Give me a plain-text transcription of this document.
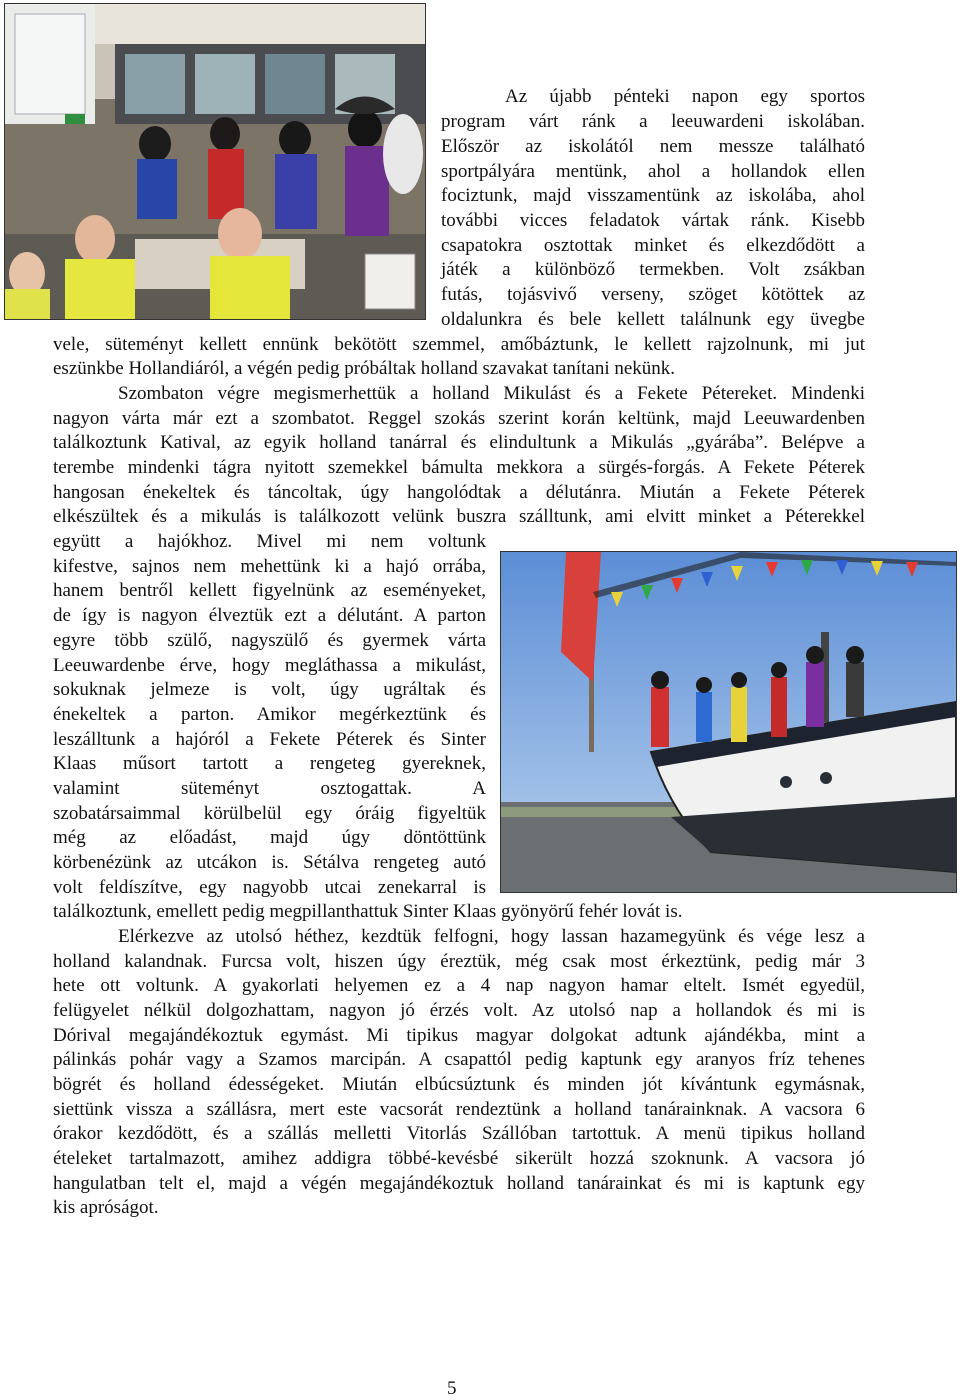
Az újabb pénteki napon egy sportos
program várt ránk a leeuwardeni iskolában.
Először az iskolától nem messze található
sportpályára mentünk, ahol a hollandok ellen
fociztunk, majd visszamentünk az iskolába, ahol
további vicces feladatok vártak ránk. Kisebb
csapatokra osztottak minket és elkezdődött a
játék a különböző termekben. Volt zsákban
futás, tojásvivő verseny, szöget kötöttek az
oldalunkra és bele kellett találnunk egy üvegbe
vele, süteményt kellett ennünk bekötött szemmel, amőbáztunk, le kellett rajzolnunk, mi jut
eszünkbe Hollandiáról, a végén pedig próbáltak holland szavakat tanítani nekünk.
Szombaton végre megismerhettük a holland Mikulást és a Fekete Pétereket. Mindenki
nagyon várta már ezt a szombatot. Reggel szokás szerint korán keltünk, majd Leeuwardenben
találkoztunk Katival, az egyik holland tanárral és elindultunk a Mikulás „gyárába”. Belépve a
terembe mindenki tágra nyitott szemekkel bámulta mekkora a sürgés-forgás. A Fekete Péterek
hangosan énekeltek és táncoltak, úgy hangolódtak a délutánra. Miután a Fekete Péterek
elkészültek és a mikulás is találkozott velünk buszra szálltunk, ami elvitt minket a Péterekkel
együtt a hajókhoz. Mivel mi nem voltunk
kifestve, sajnos nem mehettünk ki a hajó orrába,
hanem bentről kellett figyelnünk az eseményeket,
de így is nagyon élveztük ezt a délutánt. A parton
egyre több szülő, nagyszülő és gyermek várta
Leeuwardenbe érve, hogy megláthassa a mikulást,
sokuknak jelmeze is volt, úgy ugráltak és
énekeltek a parton. Amikor megérkeztünk és
leszálltunk a hajóról a Fekete Péterek és Sinter
Klaas műsort tartott a rengeteg gyereknek,
valamint süteményt osztogattak. A
szobatársaimmal körülbelül egy óráig figyeltük
még az előadást, majd úgy döntöttünk
körbenézünk az utcákon is. Sétálva rengeteg autó
volt feldíszítve, egy nagyobb utcai zenekarral is
találkoztunk, emellett pedig megpillanthattuk Sinter Klaas gyönyörű fehér lovát is.
Elérkezve az utolsó héthez, kezdtük felfogni, hogy lassan hazamegyünk és vége lesz a
holland kalandnak. Furcsa volt, hiszen úgy éreztük, még csak most érkeztünk, pedig már 3
hete ott voltunk. A gyakorlati helyemen ez a 4 nap nagyon hamar eltelt. Ismét egyedül,
felügyelet nélkül dolgozhattam, nagyon jó érzés volt. Az utolsó nap a hollandok és mi is
Dórival megajándékoztuk egymást. Mi tipikus magyar dolgokat adtunk ajándékba, mint a
pálinkás pohár vagy a Szamos marcipán. A csapattól pedig kaptunk egy aranyos fríz tehenes
bögrét és holland édességeket. Miután elbúcsúztunk és minden jót kívántunk egymásnak,
siettünk vissza a szállásra, mert este vacsorát rendeztünk a holland tanárainknak. A vacsora 6
órakor kezdődött, és a szállás melletti Vitorlás Szállóban tartottuk. A menü tipikus holland
ételeket tartalmazott, amihez addigra többé-kevésbé sikerült hozzá szoknunk. A vacsora jó
hangulatban telt el, majd a végén megajándékoztuk holland tanárainkat és mi is kaptunk egy
kis apróságot.
5
